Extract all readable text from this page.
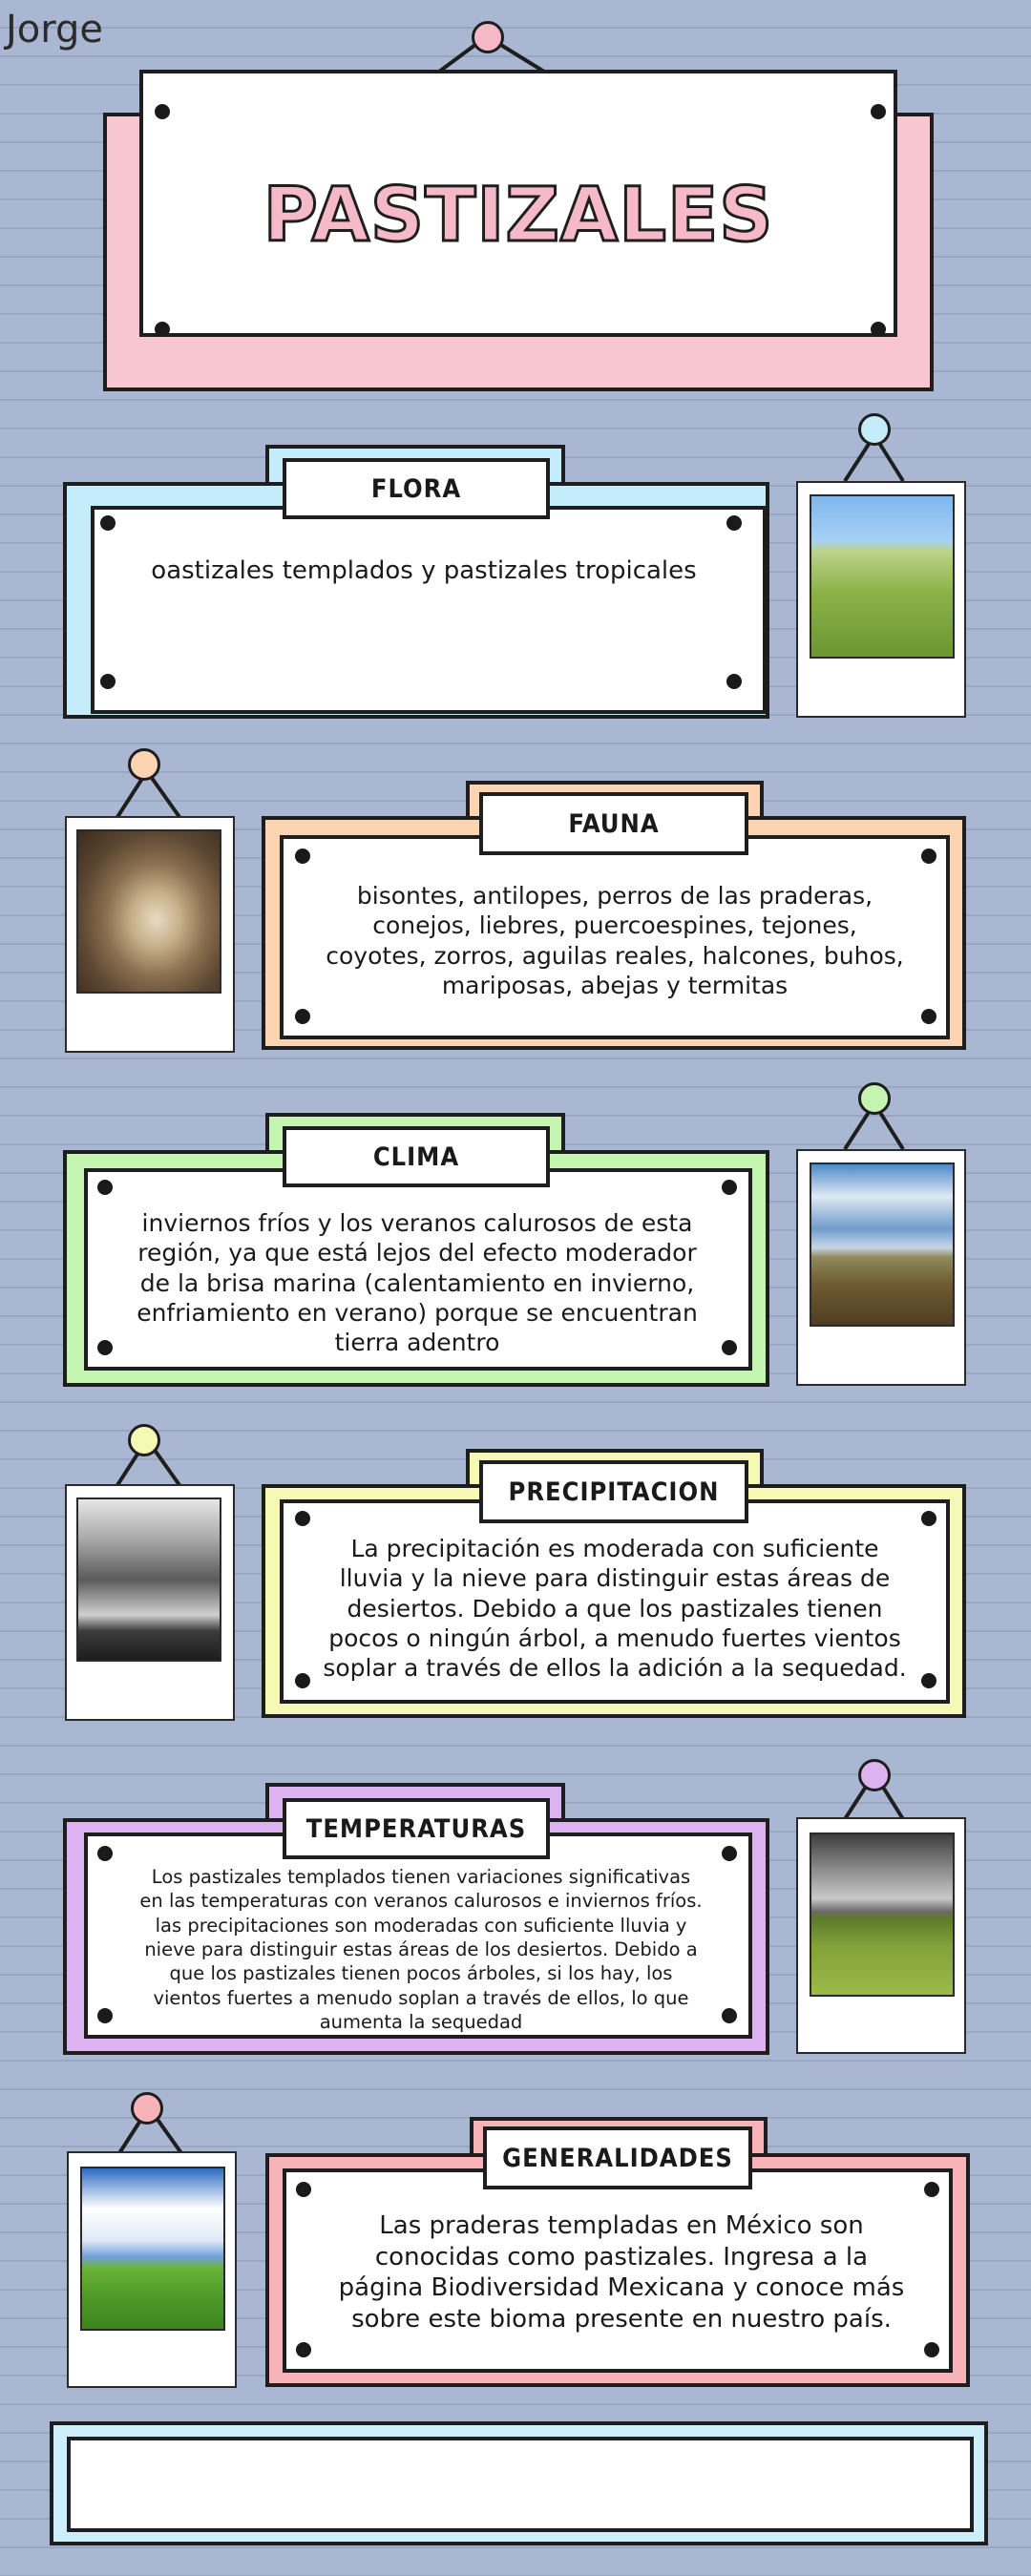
Jorge
PASTIZALES
oastizales templados y pastizales tropicales
FLORA
bisontes, antilopes, perros de las praderas, conejos, liebres, puercoespines, tejones, coyotes, zorros, aguilas reales, halcones, buhos, mariposas, abejas y termitas
FAUNA
inviernos fríos y los veranos calurosos de esta región, ya que está lejos del efecto moderador de la brisa marina (calentamiento en invierno, enfriamiento en verano) porque se encuentran tierra adentro
CLIMA
La precipitación es moderada con suficiente lluvia y la nieve para distinguir estas áreas de desiertos. Debido a que los pastizales tienen pocos o ningún árbol, a menudo fuertes vientos soplar a través de ellos la adición a la sequedad.
PRECIPITACION
Los pastizales templados tienen variaciones significativas en las temperaturas con veranos calurosos e inviernos fríos. las precipitaciones son moderadas con suficiente lluvia y nieve para distinguir estas áreas de los desiertos. Debido a que los pastizales tienen pocos árboles, si los hay, los vientos fuertes a menudo soplan a través de ellos, lo que aumenta la sequedad
TEMPERATURAS
Las praderas templadas en México son conocidas como pastizales. Ingresa a la página Biodiversidad Mexicana y conoce más sobre este bioma presente en nuestro país.
GENERALIDADES
